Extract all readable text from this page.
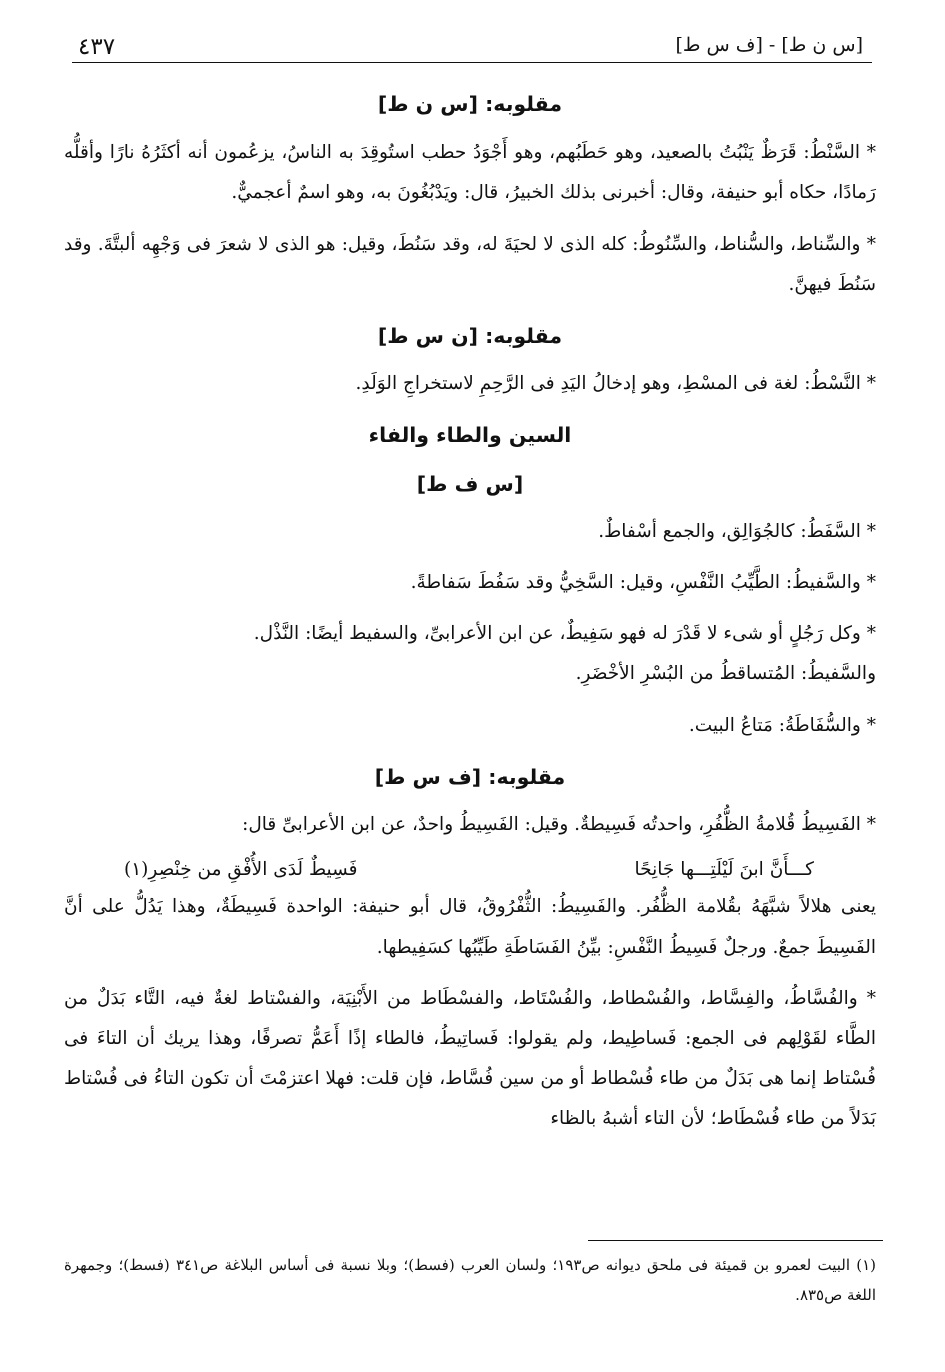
[س ن ط] - [ف س ط]
٤٣٧
مقلوبه: [س ن ط]

* السَّنْطُ: قَرَظٌ يَنْبُتُ بالصعيد، وهو حَطَبُهم، وهو أَجْوَدُ حطب استُوقِدَ به الناسُ، يزعُمون أنه أكثَرُهُ نارًا وأقلُّه رَمادًا، حكاه أبو حنيفة، وقال: أخبرنى بذلك الخبيرُ، قال: ويَدْبُغُونَ به، وهو اسمٌ أعجميٌّ.

* والسِّناط، والسُّناط، والسِّنُوطُ: كله الذى لا لحيَةَ له، وقد سَنُطَ، وقيل: هو الذى لا شعرَ فى وَجْهِه ألبتَّةَ. وقد سَنُطَ فيهنَّ.

مقلوبه: [ن س ط]

* النَّسْطُ: لغة فى المسْطِ، وهو إدخالُ اليَدِ فى الرَّحِمِ لاستخراجِ الوَلَدِ.

السين والطاء والفاء
[س ف ط]

* السَّفَطُ: كالجُوَالِق، والجمع أسْفاطٌ.

* والسَّفيطُ: الطَّيِّبُ النَّفْسِ، وقيل: السَّخِيُّ وقد سَفُطَ سَفاطةً.

* وكل رَجُلٍ أو شىء لا قَدْرَ له فهو سَفِيطٌ، عن ابن الأعرابىِّ، والسفيط أيضًا: النَّذْل.

والسَّفيطُ: المُتساقطُ من البُسْرِ الأخْضَرِ.

* والسُّفَاطَةُ: مَتاعُ البيت.

مقلوبه: [ف س ط]

* الفَسِيطُ قُلامةُ الظُّفُرِ، واحدتُه فَسِيطةٌ. وقيل: الفَسِيطُ واحدٌ، عن ابن الأعرابىِّ قال:

كـــأَنَّ ابنَ لَيْلَتِـــها جَانِحًا
فَسِيطٌ لَدَى الأُفْقِ من خِنْصِرِ(١)

يعنى هلالاً شبَّهَهُ بقُلامة الظُّفُر. والفَسِيطُ: الثُّفْرُوقُ، قال أبو حنيفة: الواحدة فَسِيطَةٌ، وهذا يَدُلُّ على أنَّ الفَسِيطَ جمعٌ. ورجلٌ فَسِيطُ النَّفْسِ: بيِّنُ الفَسَاطَةِ طَيِّبُها كسَفِيطها.

* والفُسَّاطُ، والفِسَّاط، والفُسْطاط، والفُسْتَاط، والفسْطَاط من الأَبْنِيَة، والفسْتاط لغةٌ فيه، التَّاء بَدَلٌ من الطَّاء لقَوْلِهم فى الجمع: فَساطِيط، ولم يقولوا: فَساتِيطُ، فالطاء إذًا أَعَمُّ تصرفًا، وهذا يريك أن التاءَ فى فُسْتاط إنما هى بَدَلٌ من طاء فُسْطاط أو من سين فُسَّاط، فإن قلت: فهلا اعتزمْتَ أن تكون التاءُ فى فُسْتاط بَدَلاً من طاء فُسْطَاط؛ لأن التاء أشبهُ بالظاء

(١) البيت لعمرو بن قميئة فى ملحق ديوانه ص١٩٣؛ ولسان العرب (فسط)؛ وبلا نسبة فى أساس البلاغة ص٣٤١ (فسط)؛ وجمهرة اللغة ص٨٣٥.
